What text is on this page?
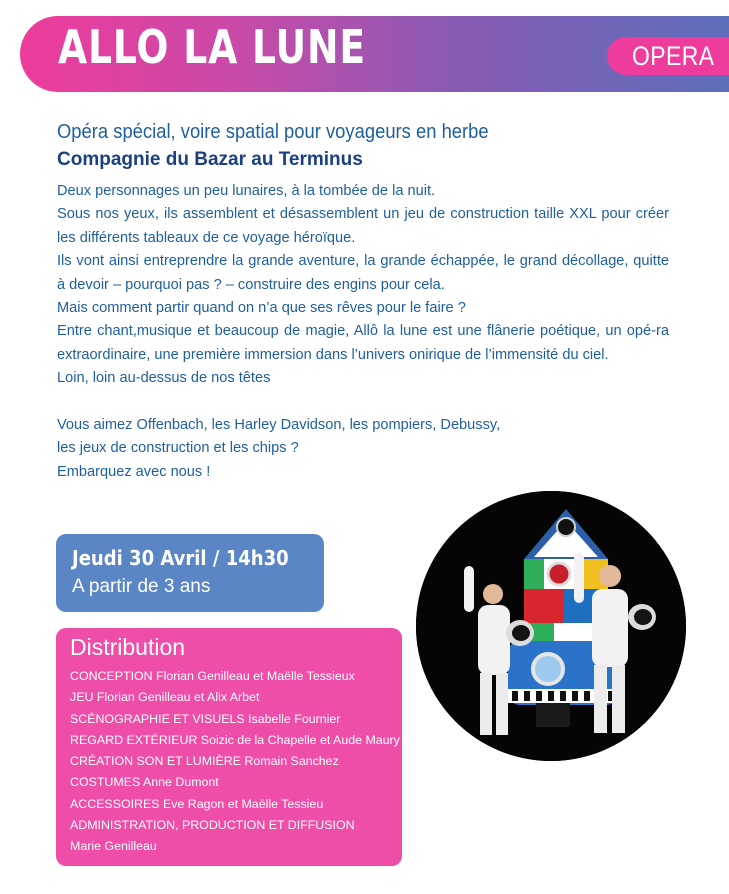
ALLO LA LUNE	OPERA
Opéra spécial, voire spatial pour voyageurs en herbe
Compagnie du Bazar au Terminus

Deux personnages un peu lunaires, à la tombée de la nuit.

Sous nos yeux, ils assemblent et désassemblent un jeu de construction taille XXL pour créer les différents tableaux de ce voyage héroïque.

Ils vont ainsi entreprendre la grande aventure, la grande échappée, le grand décollage, quitte à devoir – pourquoi pas ? – construire des engins pour cela.

Mais comment partir quand on n’a que ses rêves pour le faire ?

Entre chant,musique et beaucoup de magie, Allô la lune est une flânerie poétique, un opé-ra extraordinaire, une première immersion dans l’univers onirique de l’immensité du ciel.

Loin, loin au-dessus de nos têtes

Vous aimez Offenbach, les Harley Davidson, les pompiers, Debussy,
les jeux de construction et les chips ?
Embarquez avec nous !
Jeudi 30 Avril / 14h30
A partir de 3 ans
Distribution
CONCEPTION Florian Genilleau et Maëlle Tessieux
JEU Florian Genilleau et Alix Arbet
SCÉNOGRAPHIE ET VISUELS Isabelle Fournier
REGARD EXTÉRIEUR Soizic de la Chapelle et Aude Maury
CRÉATION SON ET LUMIÈRE Romain Sanchez
COSTUMES Anne Dumont
ACCESSOIRES Eve Ragon et Maëlle Tessieu
ADMINISTRATION, PRODUCTION ET DIFFUSION
Marie Genilleau
